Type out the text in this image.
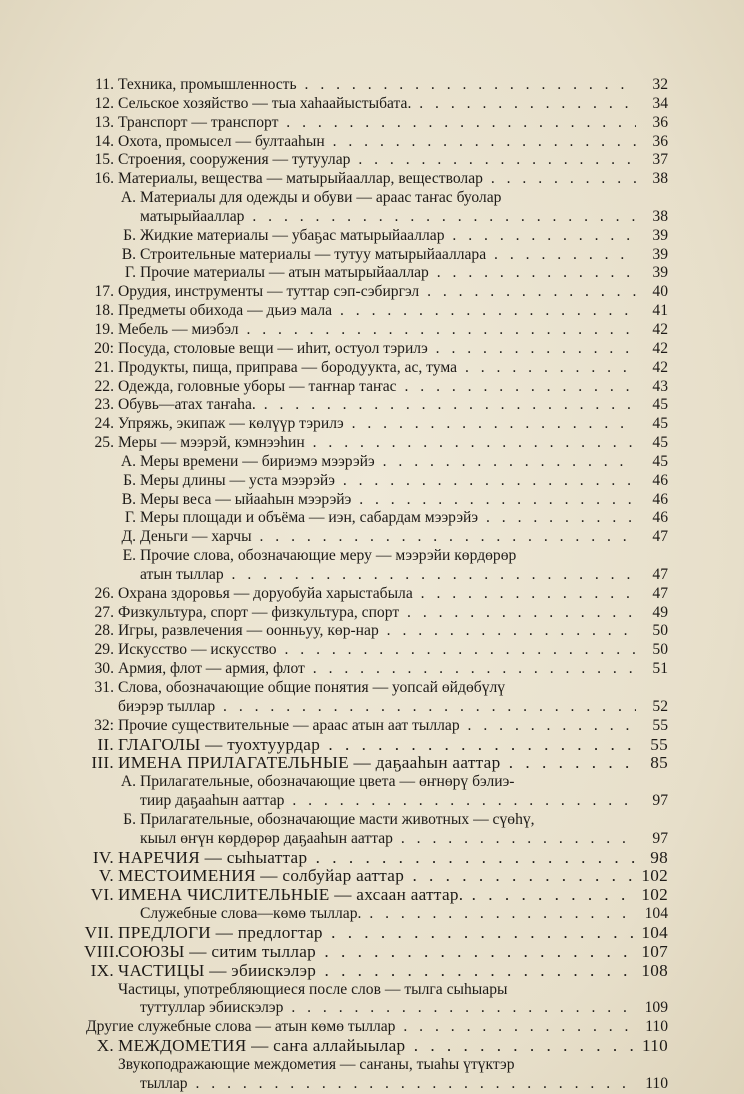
11. Техника, промышленность . . .	32
12. Сельское хозяйство — тыа хаһаайыстыбата. . . .	34
13. Транспорт — транспорт . . .	36
14. Охота, промысел — бултааһын . . .	36
15. Строения, сооружения — тутуулар . . .	37
16. Материалы, вещества — матырыйааллар, веществолар . . .	38
А. Материалы для одежды и обуви — араас таҥас буолар
матырыйааллар . . .	38
Б. Жидкие материалы — убаҕас матырыйааллар . . .	39
В. Строительные материалы — тутуу матырыйааллара . . .	39
Г. Прочие материалы — атын матырыйааллар . . .	39
17. Орудия, инструменты — туттар сэп-сэбиргэл . . .	40
18. Предметы обихода — дьиэ мала . . .	41
19. Мебель — миэбэл . . .	42
20: Посуда, столовые вещи — иһит, остуол тэрилэ . . .	42
21. Продукты, пища, приправа — бородуукта, ас, тума . . .	42
22. Одежда, головные уборы — таҥнар таҥас . . .	43
23. Обувь—атах таҥаһа. . . .	45
24. Упряжь, экипаж — көлүүр тэрилэ . . .	45
25. Меры — мээрэй, кэмнээһин . . .	45
А. Меры времени — бириэмэ мээрэйэ . . .	45
Б. Меры длины — уста мээрэйэ . . .	46
В. Меры веса — ыйааһын мээрэйэ . . .	46
Г. Меры площади и объёма — иэн, сабардам мээрэйэ . . .	46
Д. Деньги — харчы . . .	47
Е. Прочие слова, обозначающие меру — мээрэйи көрдөрөр
атын тыллар . . .	47
26. Охрана здоровья — доруобуйа харыстабыла . . .	47
27. Физкультура, спорт — физкультура, спорт . . .	49
28. Игры, развлечения — оонньуу, көр-нар . . .	50
29. Искусство — искусство . . .	50
30. Армия, флот — армия, флот . . .	51
31. Слова, обозначающие общие понятия — уопсай өйдөбүлү
биэрэр тыллар . . .	52
32: Прочие существительные — араас атын аат тыллар . . .	55
II. ГЛАГОЛЫ — туохтуурдар . . .	55
III. ИМЕНА ПРИЛАГАТЕЛЬНЫЕ — даҕааһын ааттар . . .	85
А. Прилагательные, обозначающие цвета — өҥнөрү бэлиэ-
тиир даҕааһын ааттар . . .	97
Б. Прилагательные, обозначающие масти животных — сүөһү,
кыыл өҥүн көрдөрөр даҕааһын ааттар . . .	97
IV. НАРЕЧИЯ — сыһыаттар . . .	98
V. МЕСТОИМЕНИЯ — солбуйар ааттар . . .	102
VI. ИМЕНА ЧИСЛИТЕЛЬНЫЕ — ахсаан ааттар. . . .	102
Служебные слова—көмө тыллар. . . .	104
VII. ПРЕДЛОГИ — предлогтар . . .	104
VIII.
СОЮЗЫ — ситим тыллар . . .	107
IX. ЧАСТИЦЫ — эбиискэлэр . . .	108
Частицы, употребляющиеся после слов — тылга сыһыары
туттуллар эбиискэлэр . . .	109
Другие служебные слова — атын көмө тыллар . . .	110
X. МЕЖДОМЕТИЯ — саҥа аллайыылар . . .	110
Звукоподражающие междометия — саҥаны, тыаһы үтүктэр
тыллар . . .	110
